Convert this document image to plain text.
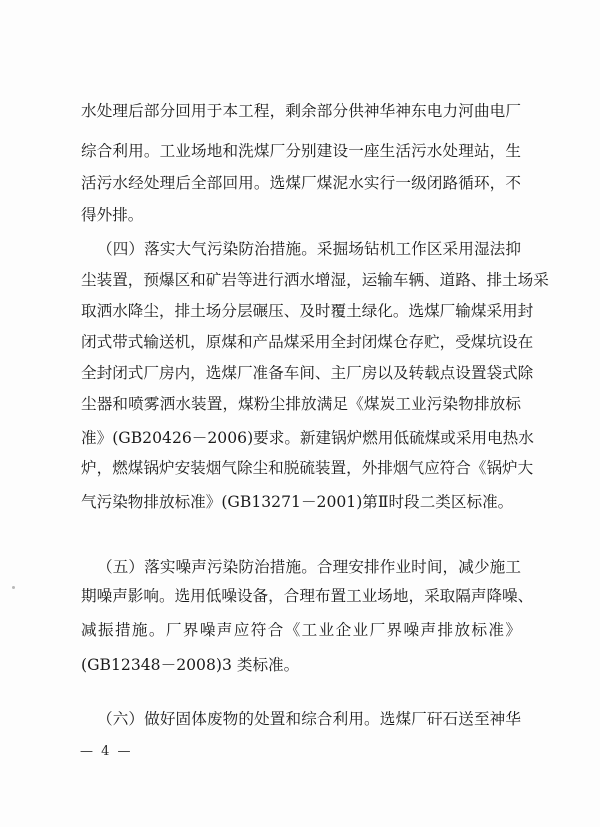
水处理后部分回用于本工程，剩余部分供神华神东电力河曲电厂
综合利用。工业场地和洗煤厂分别建设一座生活污水处理站，生
活污水经处理后全部回用。选煤厂煤泥水实行一级闭路循环，不
得外排。
（四）落实大气污染防治措施。采掘场钻机工作区采用湿法抑
尘装置，预爆区和矿岩等进行洒水增湿，运输车辆、道路、排土场采
取洒水降尘，排土场分层碾压、及时覆土绿化。选煤厂输煤采用封
闭式带式输送机，原煤和产品煤采用全封闭煤仓存贮，受煤坑设在
全封闭式厂房内，选煤厂准备车间、主厂房以及转载点设置袋式除
尘器和喷雾洒水装置，煤粉尘排放满足《煤炭工业污染物排放标
准》(GB20426－2006)要求。新建锅炉燃用低硫煤或采用电热水
炉，燃煤锅炉安装烟气除尘和脱硫装置，外排烟气应符合《锅炉大
气污染物排放标准》(GB13271－2001)第Ⅱ时段二类区标准。
（五）落实噪声污染防治措施。合理安排作业时间，减少施工
期噪声影响。选用低噪设备，合理布置工业场地，采取隔声降噪、
减振措施。厂界噪声应符合《工业企业厂界噪声排放标准》
(GB12348－2008)3 类标准。
（六）做好固体废物的处置和综合利用。选煤厂矸石送至神华
— 4 —
